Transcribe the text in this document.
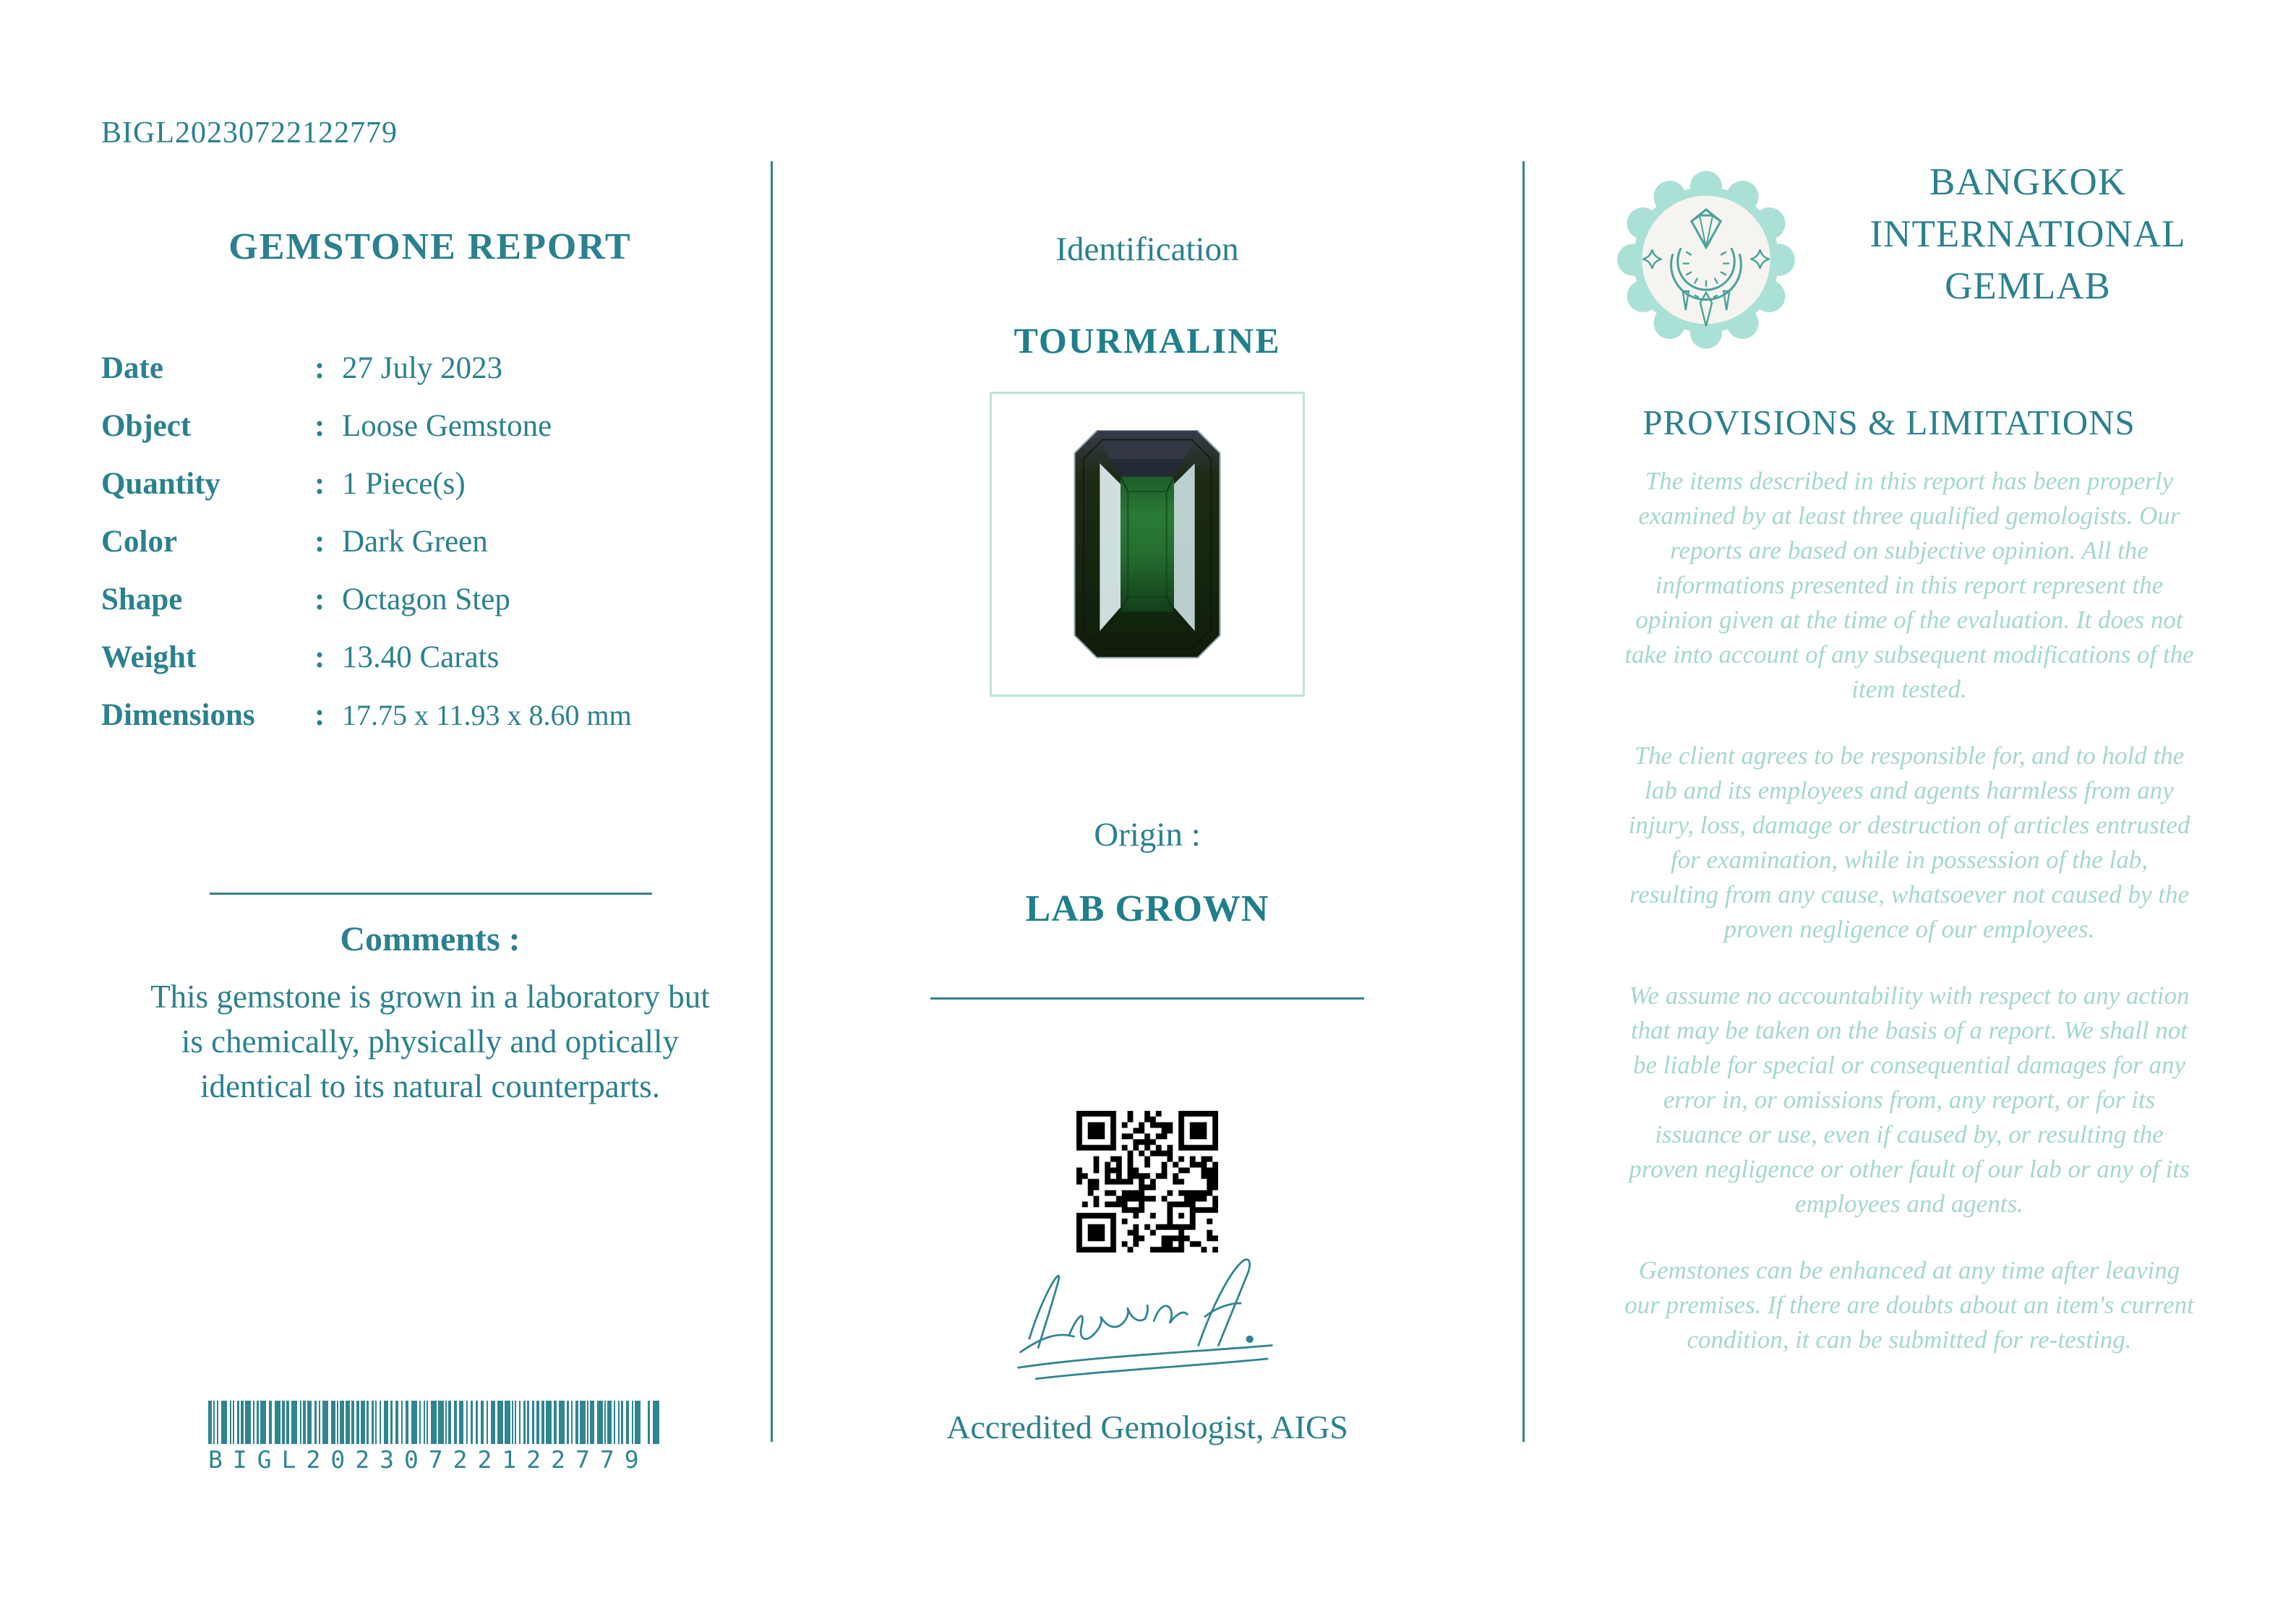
BIGL20230722122779
GEMSTONE REPORT
Date	: 27 July 2023
Object	: Loose Gemstone
Quantity	: 1 Piece(s)
Color	: Dark Green
Shape	: Octagon Step
Weight	: 13.40 Carats
Dimensions	: 17.75 x 11.93 x 8.60 mm
Comments :
This gemstone is grown in a laboratory but is chemically, physically and optically identical to its natural counterparts.
BIGL20230722122779
Identification
TOURMALINE
Origin :
LAB GROWN
Accredited Gemologist, AIGS
BANGKOK
INTERNATIONAL
GEMLAB
PROVISIONS & LIMITATIONS

The items described in this report has been properly examined by at least three qualified gemologists. Our reports are based on subjective opinion. All the informations presented in this report represent the opinion given at the time of the evaluation. It does not take into account of any subsequent modifications of the item tested.

The client agrees to be responsible for, and to hold the lab and its employees and agents harmless from any injury, loss, damage or destruction of articles entrusted for examination, while in possession of the lab, resulting from any cause, whatsoever not caused by the proven negligence of our employees.

We assume no accountability with respect to any action that may be taken on the basis of a report. We shall not be liable for special or consequential damages for any error in, or omissions from, any report, or for its issuance or use, even if caused by, or resulting the proven negligence or other fault of our lab or any of its employees and agents.

Gemstones can be enhanced at any time after leaving our premises. If there are doubts about an item's current condition, it can be submitted for re-testing.
